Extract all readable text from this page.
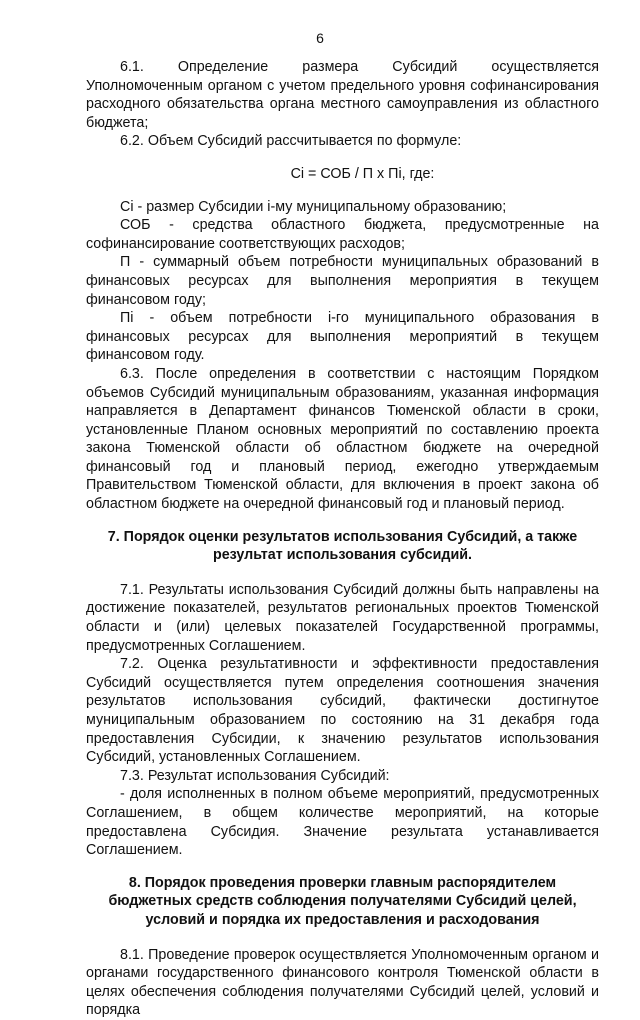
6

6.1. Определение размера Субсидий осуществляется Уполномоченным органом с учетом предельного уровня софинансирования расходного обязательства органа местного самоуправления из областного бюджета;

6.2. Объем Субсидий рассчитывается по формуле:

Ci = СОБ / П x Пi, где:

Ci - размер Субсидии i-му муниципальному образованию;

СОБ - средства областного бюджета, предусмотренные на софинансирование соответствующих расходов;

П - суммарный объем потребности муниципальных образований в финансовых ресурсах для выполнения мероприятия в текущем финансовом году;

Пi - объем потребности i-го муниципального образования в финансовых ресурсах для выполнения мероприятий в текущем финансовом году.

6.3. После определения в соответствии с настоящим Порядком объемов Субсидий муниципальным образованиям, указанная информация направляется в Департамент финансов Тюменской области в сроки, установленные Планом основных мероприятий по составлению проекта закона Тюменской области об областном бюджете на очередной финансовый год и плановый период, ежегодно утверждаемым Правительством Тюменской области, для включения в проект закона об областном бюджете на очередной финансовый год и плановый период.

7. Порядок оценки результатов использования Субсидий, а также результат использования субсидий.

7.1. Результаты использования Субсидий должны быть направлены на достижение показателей, результатов региональных проектов Тюменской области и (или) целевых показателей Государственной программы, предусмотренных Соглашением.

7.2. Оценка результативности и эффективности предоставления Субсидий осуществляется путем определения соотношения значения результатов использования субсидий, фактически достигнутое муниципальным образованием по состоянию на 31 декабря года предоставления Субсидии, к значению результатов использования Субсидий, установленных Соглашением.

7.3. Результат использования Субсидий:

- доля исполненных в полном объеме мероприятий, предусмотренных Соглашением, в общем количестве мероприятий, на которые предоставлена Субсидия. Значение результата устанавливается Соглашением.

8. Порядок проведения проверки главным распорядителем бюджетных средств соблюдения получателями Субсидий целей, условий и порядка их предоставления и расходования

8.1. Проведение проверок осуществляется Уполномоченным органом и органами государственного финансового контроля Тюменской области в целях обеспечения соблюдения получателями Субсидий целей, условий и порядка
